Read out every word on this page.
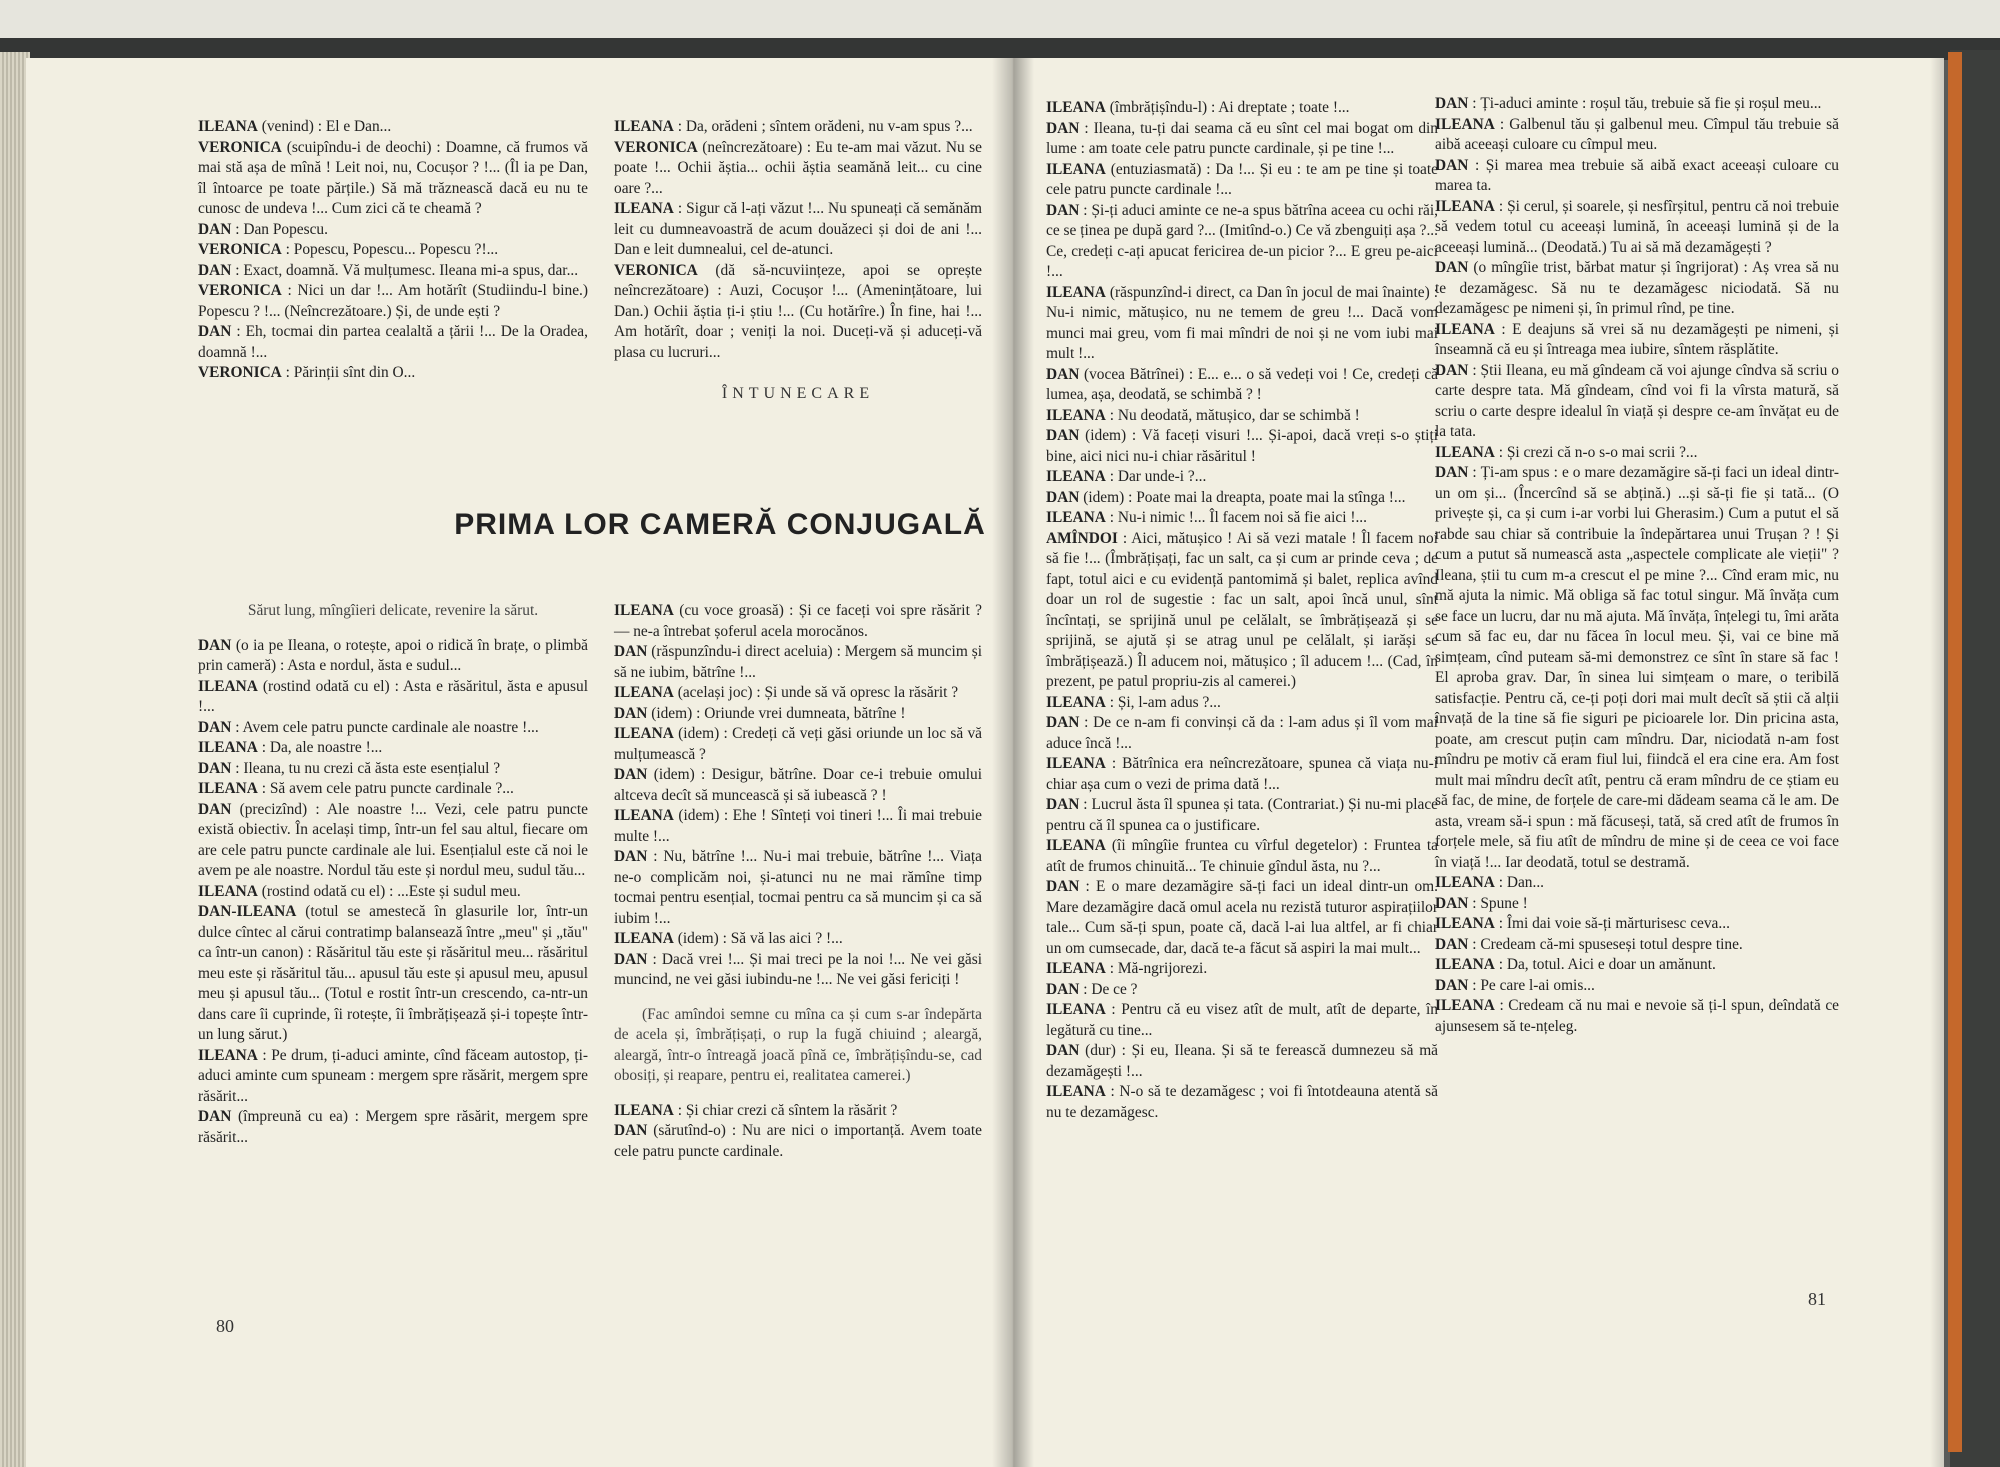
ILEANA (venind) : El e Dan...

VERONICA (scuipîndu-i de deochi) : Doamne, că frumos vă mai stă așa de mînă ! Leit noi, nu, Cocușor ? !... (Îl ia pe Dan, îl întoarce pe toate părțile.) Să mă trăznească dacă eu nu te cunosc de undeva !... Cum zici că te cheamă ?

DAN : Dan Popescu.

VERONICA : Popescu, Popescu... Popescu ?!...

DAN : Exact, doamnă. Vă mulțumesc. Ileana mi-a spus, dar...

VERONICA : Nici un dar !... Am hotărît (Studiindu-l bine.) Popescu ? !... (Neîncrezătoare.) Și, de unde ești ?

DAN : Eh, tocmai din partea cealaltă a țării !... De la Oradea, doamnă !...

VERONICA : Părinții sînt din O...

ILEANA : Da, orădeni ; sîntem orădeni, nu v-am spus ?...

VERONICA (neîncrezătoare) : Eu te-am mai văzut. Nu se poate !... Ochii ăștia... ochii ăștia seamănă leit... cu cine oare ?...

ILEANA : Sigur că l-ați văzut !... Nu spuneați că semănăm leit cu dumneavoastră de acum douăzeci și doi de ani !... Dan e leit dumnealui, cel de-atunci.

VERONICA (dă să-ncuviințeze, apoi se oprește neîncrezătoare) : Auzi, Cocușor !... (Amenințătoare, lui Dan.) Ochii ăștia ți-i știu !... (Cu hotărîre.) În fine, hai !... Am hotărît, doar ; veniți la noi. Duceți-vă și aduceți-vă plasa cu lucruri...

ÎNTUNECARE
PRIMA LOR CAMERĂ CONJUGALĂ

Sărut lung, mîngîieri delicate, revenire la sărut.

DAN (o ia pe Ileana, o rotește, apoi o ridică în brațe, o plimbă prin cameră) : Asta e nordul, ăsta e sudul...

ILEANA (rostind odată cu el) : Asta e răsăritul, ăsta e apusul !...

DAN : Avem cele patru puncte cardinale ale noastre !...

ILEANA : Da, ale noastre !...

DAN : Ileana, tu nu crezi că ăsta este esențialul ?

ILEANA : Să avem cele patru puncte cardinale ?...

DAN (precizînd) : Ale noastre !... Vezi, cele patru puncte există obiectiv. În același timp, într-un fel sau altul, fiecare om are cele patru puncte cardinale ale lui. Esențialul este că noi le avem pe ale noastre. Nordul tău este și nordul meu, sudul tău...

ILEANA (rostind odată cu el) : ...Este și sudul meu.

DAN-ILEANA (totul se amestecă în glasurile lor, într-un dulce cîntec al cărui contratimp balansează între „meu" și „tău" ca într-un canon) : Răsăritul tău este și răsăritul meu... răsăritul meu este și răsăritul tău... apusul tău este și apusul meu, apusul meu și apusul tău... (Totul e rostit într-un crescendo, ca-ntr-un dans care îi cuprinde, îi rotește, îi îmbrățișează și-i topește într-un lung sărut.)

ILEANA : Pe drum, ți-aduci aminte, cînd făceam autostop, ți-aduci aminte cum spuneam : mergem spre răsărit, mergem spre răsărit...

DAN (împreună cu ea) : Mergem spre răsărit, mergem spre răsărit...

ILEANA (cu voce groasă) : Și ce faceți voi spre răsărit ? — ne-a întrebat șoferul acela morocănos.

DAN (răspunzîndu-i direct aceluia) : Mergem să muncim și să ne iubim, bătrîne !...

ILEANA (același joc) : Și unde să vă opresc la răsărit ?

DAN (idem) : Oriunde vrei dumneata, bătrîne !

ILEANA (idem) : Credeți că veți găsi oriunde un loc să vă mulțumească ?

DAN (idem) : Desigur, bătrîne. Doar ce-i trebuie omului altceva decît să muncească și să iubească ? !

ILEANA (idem) : Ehe ! Sînteți voi tineri !... Îi mai trebuie multe !...

DAN : Nu, bătrîne !... Nu-i mai trebuie, bătrîne !... Viața ne-o complicăm noi, și-atunci nu ne mai rămîne timp tocmai pentru esențial, tocmai pentru ca să muncim și ca să iubim !...

ILEANA (idem) : Să vă las aici ? !...

DAN : Dacă vrei !... Și mai treci pe la noi !... Ne vei găsi muncind, ne vei găsi iubindu-ne !... Ne vei găsi fericiți !

(Fac amîndoi semne cu mîna ca și cum s-ar îndepărta de acela și, îmbrățișați, o rup la fugă chiuind ; aleargă, aleargă, într-o întreagă joacă pînă ce, îmbrățișîndu-se, cad obosiți, și reapare, pentru ei, realitatea camerei.)

ILEANA : Și chiar crezi că sîntem la răsărit ?

DAN (sărutînd-o) : Nu are nici o importanță. Avem toate cele patru puncte cardinale.

80

ILEANA (îmbrățișîndu-l) : Ai dreptate ; toate !...

DAN : Ileana, tu-ți dai seama că eu sînt cel mai bogat om din lume : am toate cele patru puncte cardinale, și pe tine !...

ILEANA (entuziasmată) : Da !... Și eu : te am pe tine și toate cele patru puncte cardinale !...

DAN : Și-ți aduci aminte ce ne-a spus bătrîna aceea cu ochi răi, ce se ținea pe după gard ?... (Imitînd-o.) Ce vă zbenguiți așa ?... Ce, credeți c-ați apucat fericirea de-un picior ?... E greu pe-aici !...

ILEANA (răspunzînd-i direct, ca Dan în jocul de mai înainte) : Nu-i nimic, mătușico, nu ne temem de greu !... Dacă vom munci mai greu, vom fi mai mîndri de noi și ne vom iubi mai mult !...

DAN (vocea Bătrînei) : E... e... o să vedeți voi ! Ce, credeți că lumea, așa, deodată, se schimbă ? !

ILEANA : Nu deodată, mătușico, dar se schimbă !

DAN (idem) : Vă faceți visuri !... Și-apoi, dacă vreți s-o știți bine, aici nici nu-i chiar răsăritul !

ILEANA : Dar unde-i ?...

DAN (idem) : Poate mai la dreapta, poate mai la stînga !...

ILEANA : Nu-i nimic !... Îl facem noi să fie aici !...

AMÎNDOI : Aici, mătușico ! Ai să vezi matale ! Îl facem noi să fie !... (Îmbrățișați, fac un salt, ca și cum ar prinde ceva ; de fapt, totul aici e cu evidență pantomimă și balet, replica avînd doar un rol de sugestie : fac un salt, apoi încă unul, sînt încîntați, se sprijină unul pe celălalt, se îmbrățișează și se sprijină, se ajută și se atrag unul pe celălalt, și iarăși se îmbrățișează.) Îl aducem noi, mătușico ; îl aducem !... (Cad, în prezent, pe patul propriu-zis al camerei.)

ILEANA : Și, l-am adus ?...

DAN : De ce n-am fi convinși că da : l-am adus și îl vom mai aduce încă !...

ILEANA : Bătrînica era neîncrezătoare, spunea că viața nu-i chiar așa cum o vezi de prima dată !...

DAN : Lucrul ăsta îl spunea și tata. (Contrariat.) Și nu-mi place pentru că îl spunea ca o justificare.

ILEANA (îi mîngîie fruntea cu vîrful degetelor) : Fruntea ta atît de frumos chinuită... Te chinuie gîndul ăsta, nu ?...

DAN : E o mare dezamăgire să-ți faci un ideal dintr-un om. Mare dezamăgire dacă omul acela nu rezistă tuturor aspirațiilor tale... Cum să-ți spun, poate că, dacă l-ai lua altfel, ar fi chiar un om cumsecade, dar, dacă te-a făcut să aspiri la mai mult...

ILEANA : Mă-ngrijorezi.

DAN : De ce ?

ILEANA : Pentru că eu visez atît de mult, atît de departe, în legătură cu tine...

DAN (dur) : Și eu, Ileana. Și să te ferească dumnezeu să mă dezamăgești !...

ILEANA : N-o să te dezamăgesc ; voi fi întotdeauna atentă să nu te dezamăgesc.

DAN : Ți-aduci aminte : roșul tău, trebuie să fie și roșul meu...

ILEANA : Galbenul tău și galbenul meu. Cîmpul tău trebuie să aibă aceeași culoare cu cîmpul meu.

DAN : Și marea mea trebuie să aibă exact aceeași culoare cu marea ta.

ILEANA : Și cerul, și soarele, și nesfîrșitul, pentru că noi trebuie să vedem totul cu aceeași lumină, în aceeași lumină și de la aceeași lumină... (Deodată.) Tu ai să mă dezamăgești ?

DAN (o mîngîie trist, bărbat matur și îngrijorat) : Aș vrea să nu te dezamăgesc. Să nu te dezamăgesc niciodată. Să nu dezamăgesc pe nimeni și, în primul rînd, pe tine.

ILEANA : E deajuns să vrei să nu dezamăgești pe nimeni, și înseamnă că eu și întreaga mea iubire, sîntem răsplătite.

DAN : Știi Ileana, eu mă gîndeam că voi ajunge cîndva să scriu o carte despre tata. Mă gîndeam, cînd voi fi la vîrsta matură, să scriu o carte despre idealul în viață și despre ce-am învățat eu de la tata.

ILEANA : Și crezi că n-o s-o mai scrii ?...

DAN : Ți-am spus : e o mare dezamăgire să-ți faci un ideal dintr-un om și... (Încercînd să se abțină.) ...și să-ți fie și tată... (O privește și, ca și cum i-ar vorbi lui Gherasim.) Cum a putut el să rabde sau chiar să contribuie la îndepărtarea unui Trușan ? ! Și cum a putut să numească asta „aspectele complicate ale vieții" ? Ileana, știi tu cum m-a crescut el pe mine ?... Cînd eram mic, nu mă ajuta la nimic. Mă obliga să fac totul singur. Mă învăța cum se face un lucru, dar nu mă ajuta. Mă învăța, înțelegi tu, îmi arăta cum să fac eu, dar nu făcea în locul meu. Și, vai ce bine mă simțeam, cînd puteam să-mi demonstrez ce sînt în stare să fac ! El aproba grav. Dar, în sinea lui simțeam o mare, o teribilă satisfacție. Pentru că, ce-ți poți dori mai mult decît să știi că alții învață de la tine să fie siguri pe picioarele lor. Din pricina asta, poate, am crescut puțin cam mîndru. Dar, niciodată n-am fost mîndru pe motiv că eram fiul lui, fiindcă el era cine era. Am fost mult mai mîndru decît atît, pentru că eram mîndru de ce știam eu să fac, de mine, de forțele de care-mi dădeam seama că le am. De asta, vream să-i spun : mă făcuseși, tată, să cred atît de frumos în forțele mele, să fiu atît de mîndru de mine și de ceea ce voi face în viață !... Iar deodată, totul se destramă.

ILEANA : Dan...

DAN : Spune !

ILEANA : Îmi dai voie să-ți mărturisesc ceva...

DAN : Credeam că-mi spuseseși totul despre tine.

ILEANA : Da, totul. Aici e doar un amănunt.

DAN : Pe care l-ai omis...

ILEANA : Credeam că nu mai e nevoie să ți-l spun, deîndată ce ajunsesem să te-nțeleg.

81
